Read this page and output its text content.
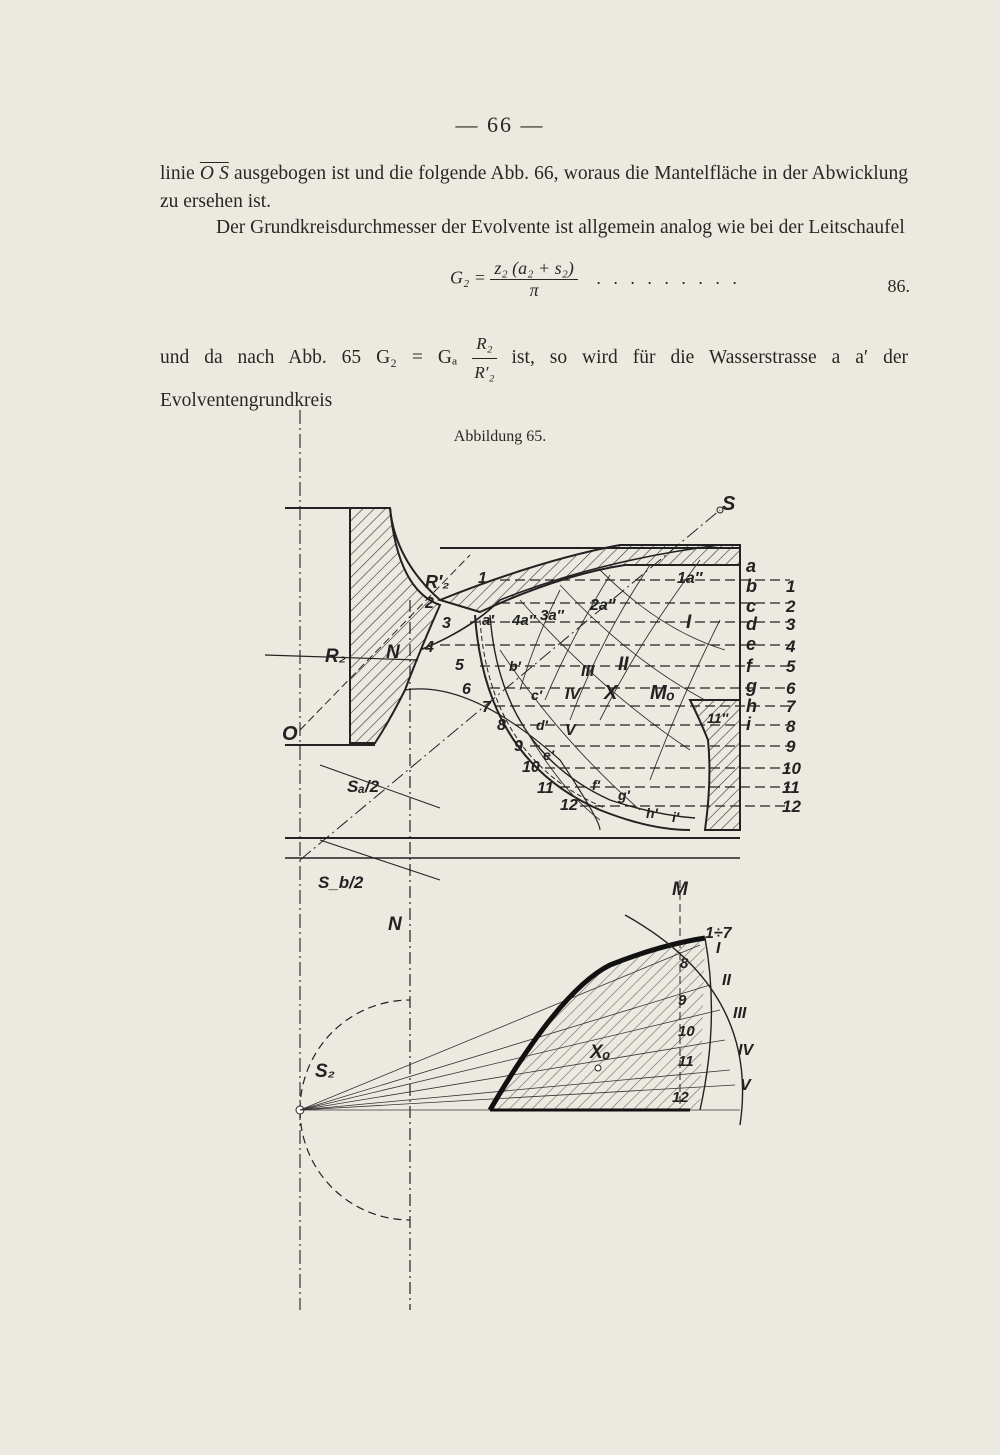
— 66 —
linie O S ausgebogen ist und die folgende Abb. 66, woraus die Mantelfläche in der Abwicklung zu ersehen ist.
Der Grundkreisdurchmesser der Evolvente ist allgemein analog wie bei der Leitschaufel
$G_2 = \frac{\text{z₂ (a₂ + s₂)}}{\pi}$ . . . . . . . . .	86.
und da nach Abb. 65 G₂ = Gₐ $\frac{\text{R₂}}{\text{R′₂}}$ ist, so wird für die Wasserstrasse a a′ der Evolventengrundkreis
Abbildung 65.
S
a
b
c
d
e
f
g
h
i
1
2
3
4
5
6
7
8
9
10
11
12
1
2
3
4
5
6
7
8
9
10
11
12
R′₂
R₂ N
O
Sₐ/2
S_b/2
1a″
2a″
3a″
4a″
a′
b′
c′
d′
e′
f′
g′
h′ i′
11″
I
II
III
IV
V
X Mₒ
M
N
S₂
Xₒ
1÷7
I
II
III
IV
V
8
9
10
11
12
